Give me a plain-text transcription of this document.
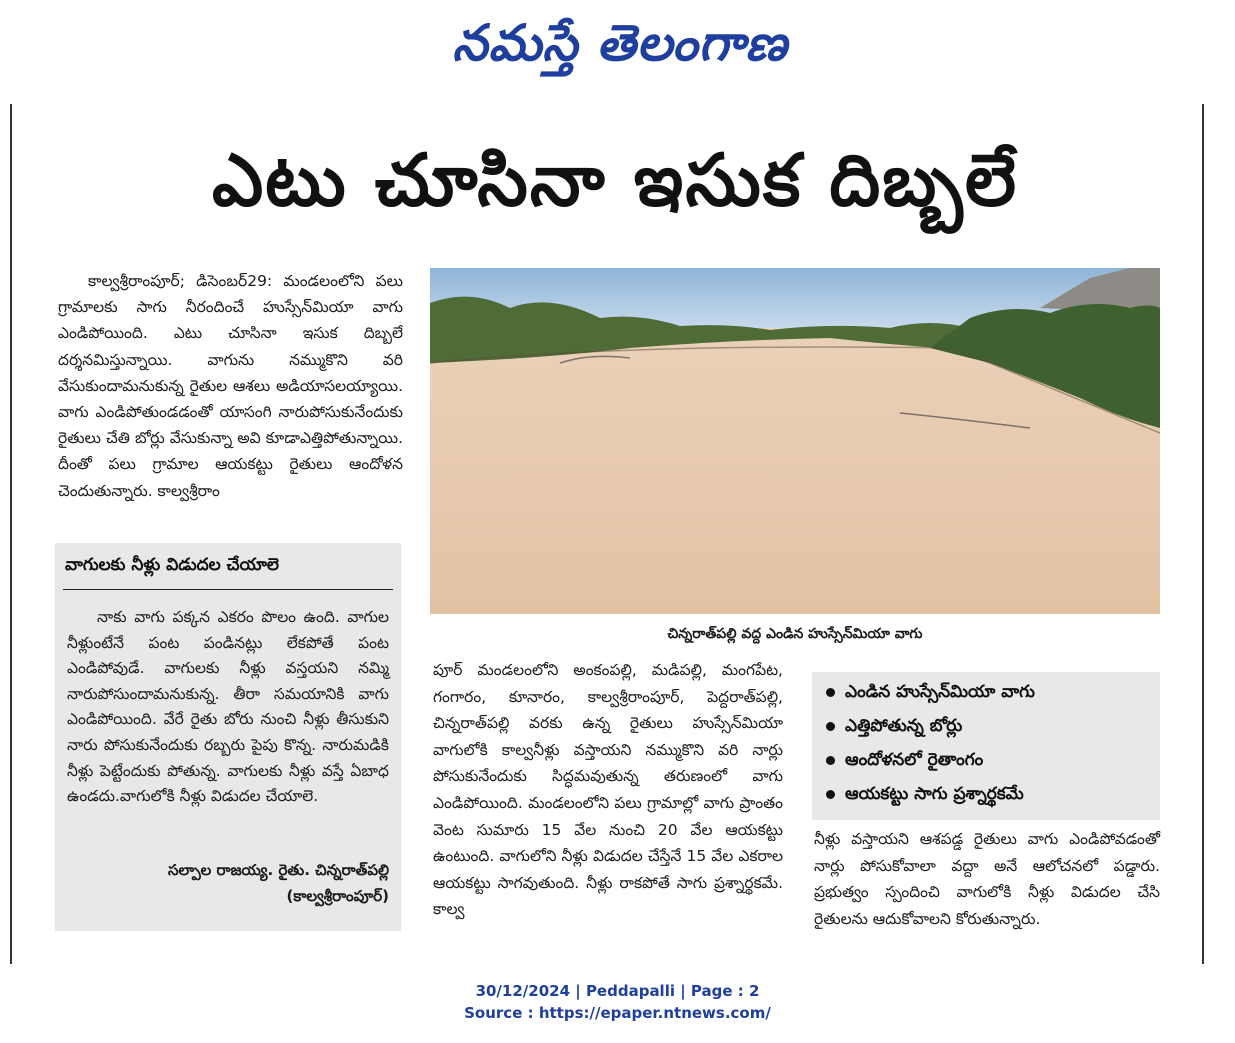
నమస్తే తెలంగాణ
ఎటు చూసినా ఇసుక దిబ్బలే
కాల్వశ్రీరాంపూర్‌; డిసెంబర్‌29: మండలంలోని పలు గ్రామాలకు సాగు నీరందించే హుస్సేన్‌మియా వాగు ఎండిపోయింది. ఎటు చూసినా ఇసుక దిబ్బలే దర్శనమిస్తున్నాయి. వాగును నమ్ముకొని వరి వేసుకుందామనుకున్న రైతుల ఆశలు అడియాసలయ్యాయి. వాగు ఎండిపోతుండడంతో యాసంగి నారుపోసుకునేందుకు రైతులు చేతి బోర్లు వేసుకున్నా అవి కూడాఎత్తిపోతున్నాయి. దీంతో పలు గ్రామాల ఆయకట్టు రైతులు ఆందోళన చెందుతున్నారు. కాల్వశ్రీరాం
చిన్నరాత్‌పల్లి వద్ద ఎండిన హుస్సేన్‌మియా వాగు
వాగులకు నీళ్లు విడుదల చేయాలె
నాకు వాగు పక్కన ఎకరం పొలం ఉంది. వాగుల నీళ్లుంటేనే పంట పండినట్లు లేకపోతే పంట ఎండిపోవుడే. వాగులకు నీళ్లు వస్తయని నమ్మి నారుపోసుందామనుకున్న. తీరా సమయానికి వాగు ఎండిపోయింది. వేరే రైతు బోరు నుంచి నీళ్లు తీసుకుని నారు పోసుకునేందుకు రబ్బరు పైపు కొన్న. నారుమడికి నీళ్లు పెట్టేందుకు పోతున్న. వాగులకు నీళ్లు వస్తే ఏబాధ ఉండదు.వాగులోకి నీళ్లు విడుదల చేయాలె.
సల్పాల రాజయ్య. రైతు. చిన్నరాత్‌పల్లి
(కాల్వశ్రీరాంపూర్‌)
పూర్‌ మండలంలోని అంకంపల్లి, మడిపల్లి, మంగపేట, గంగారం, కూనారం, కాల్వశ్రీరాంపూర్‌, పెద్దరాత్‌పల్లి, చిన్నరాత్‌పల్లి వరకు ఉన్న రైతులు హుస్సేన్‌మియా వాగులోకి కాల్వనీళ్లు వస్తాయని నమ్ముకొని వరి నార్లు పోసుకునేందుకు సిద్ధమవుతున్న తరుణంలో వాగు ఎండిపోయింది. మండలంలోని పలు గ్రామాల్లో వాగు ప్రాంతం వెంట సుమారు 15 వేల నుంచి 20 వేల ఆయకట్టు ఉంటుంది. వాగులోని నీళ్లు విడుదల చేస్తేనే 15 వేల ఎకరాల ఆయకట్టు సాగవుతుంది. నీళ్లు రాకపోతే సాగు ప్రశ్నార్థకమే. కాల్వ
ఎండిన హుస్సేన్‌మియా వాగు
ఎత్తిపోతున్న బోర్లు
ఆందోళనలో రైతాంగం
ఆయకట్టు సాగు ప్రశ్నార్థకమే
నీళ్లు వస్తాయని ఆశపడ్డ రైతులు వాగు ఎండిపోవడంతో నార్లు పోసుకోవాలా వద్దా అనే ఆలోచనలో పడ్డారు. ప్రభుత్వం స్పందించి వాగులోకి నీళ్లు విడుదల చేసి రైతులను ఆదుకోవాలని కోరుతున్నారు.
30/12/2024 | Peddapalli | Page : 2
Source : https://epaper.ntnews.com/
